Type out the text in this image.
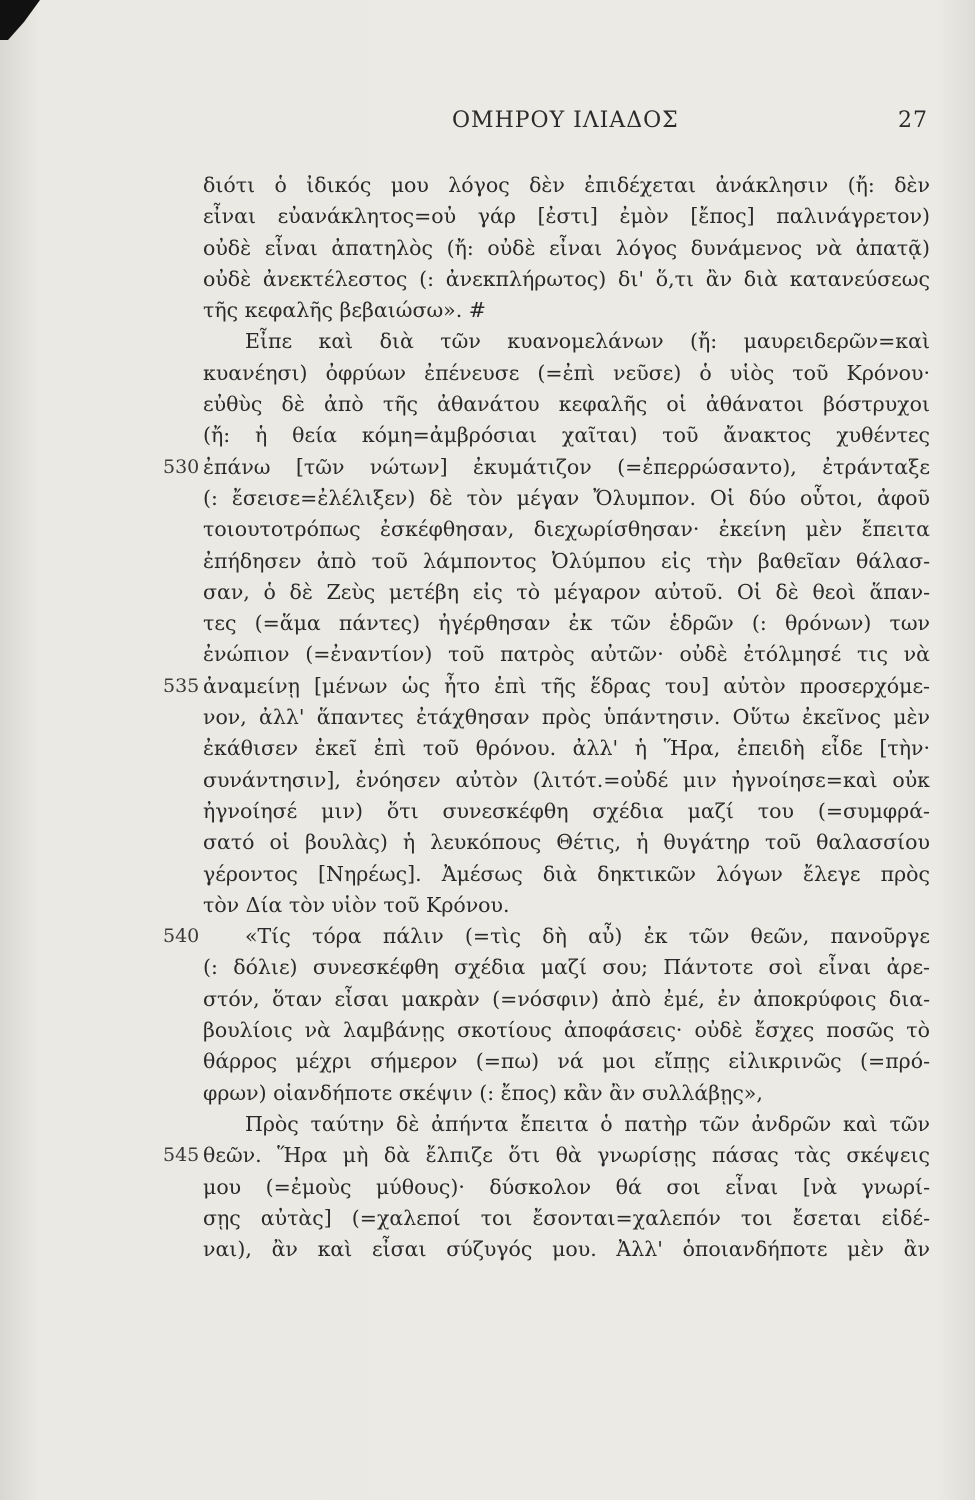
ΟΜΗΡΟΥ ΙΛΙΑΔΟΣ	27
διότι ὁ ἰδικός μου λόγος δὲν ἐπιδέχεται ἀνάκλησιν (ἤ: δὲν
εἶναι εὐανάκλητος=οὐ γάρ [ἐστι] ἐμὸν [ἔπος] παλινάγρετον)
οὐδὲ εἶναι ἀπατηλὸς (ἤ: οὐδὲ εἶναι λόγος δυνάμενος νὰ ἀπατᾷ)
οὐδὲ ἀνεκτέλεστος (: ἀνεκπλήρωτος) δι' ὅ,τι ἂν διὰ κατανεύσεως
τῆς κεφαλῆς βεβαιώσω». #
Εἶπε καὶ διὰ τῶν κυανομελάνων (ἤ: μαυρειδερῶν=καὶ
κυανέησι) ὀφρύων ἐπένευσε (=ἐπὶ νεῦσε) ὁ υἱὸς τοῦ Κρόνου·
εὐθὺς δὲ ἀπὸ τῆς ἀθανάτου κεφαλῆς οἱ ἀθάνατοι βόστρυχοι
(ἤ: ἡ θεία κόμη=ἀμβρόσιαι χαῖται) τοῦ ἄνακτος χυθέντες
530 ἐπάνω [τῶν νώτων] ἐκυμάτιζον (=ἐπερρώσαντο), ἐτράνταξε
(: ἔσεισε=ἐλέλιξεν) δὲ τὸν μέγαν Ὄλυμπον. Οἱ δύο οὗτοι, ἀφοῦ
τοιουτοτρόπως ἐσκέφθησαν, διεχωρίσθησαν· ἐκείνη μὲν ἔπειτα
ἐπήδησεν ἀπὸ τοῦ λάμποντος Ὀλύμπου εἰς τὴν βαθεῖαν θάλασ-
σαν, ὁ δὲ Ζεὺς μετέβη εἰς τὸ μέγαρον αὐτοῦ. Οἱ δὲ θεοὶ ἅπαν-
τες (=ἅμα πάντες) ἠγέρθησαν ἐκ τῶν ἑδρῶν (: θρόνων) των
ἐνώπιον (=ἐναντίον) τοῦ πατρὸς αὐτῶν· οὐδὲ ἐτόλμησέ τις νὰ
535 ἀναμείνῃ [μένων ὡς ἦτο ἐπὶ τῆς ἕδρας του] αὐτὸν προσερχόμε-
νον, ἀλλ' ἅπαντες ἐτάχθησαν πρὸς ὑπάντησιν. Οὕτω ἐκεῖνος μὲν
ἐκάθισεν ἐκεῖ ἐπὶ τοῦ θρόνου. ἀλλ' ἡ Ἥρα, ἐπειδὴ εἶδε [τὴν·
συνάντησιν], ἐνόησεν αὐτὸν (λιτότ.=οὐδέ μιν ἠγνοίησε=καὶ οὐκ
ἠγνοίησέ μιν) ὅτι συνεσκέφθη σχέδια μαζί του (=συμφρά-
σατό οἱ βουλὰς) ἡ λευκόπους Θέτις, ἡ θυγάτηρ τοῦ θαλασσίου
γέροντος [Νηρέως]. Ἀμέσως διὰ δηκτικῶν λόγων ἔλεγε πρὸς
τὸν Δία τὸν υἱὸν τοῦ Κρόνου.
540	«Τίς τόρα πάλιν (=τὶς δὴ αὖ) ἐκ τῶν θεῶν, πανοῦργε
(: δόλιε) συνεσκέφθη σχέδια μαζί σου; Πάντοτε σοὶ εἶναι ἀρε-
στόν, ὅταν εἶσαι μακρὰν (=νόσφιν) ἀπὸ ἐμέ, ἐν ἀποκρύφοις δια-
βουλίοις νὰ λαμβάνῃς σκοτίους ἀποφάσεις· οὐδὲ ἔσχες ποσῶς τὸ
θάρρος μέχρι σήμερον (=πω) νά μοι εἴπῃς εἰλικρινῶς (=πρό-
φρων) οἱανδήποτε σκέψιν (: ἔπος) κἂν ἂν συλλάβῃς»,
Πρὸς ταύτην δὲ ἀπήντα ἔπειτα ὁ πατὴρ τῶν ἀνδρῶν καὶ τῶν
545 θεῶν. Ἥρα μὴ δὰ ἔλπιζε ὅτι θὰ γνωρίσῃς πάσας τὰς σκέψεις
μου (=ἐμοὺς μύθους)· δύσκολον θά σοι εἶναι [νὰ γνωρί-
σῃς αὐτὰς] (=χαλεποί τοι ἔσονται=χαλεπόν τοι ἔσεται εἰδέ-
ναι), ἂν καὶ εἶσαι σύζυγός μου. Ἀλλ' ὁποιανδήποτε μὲν ἂν
